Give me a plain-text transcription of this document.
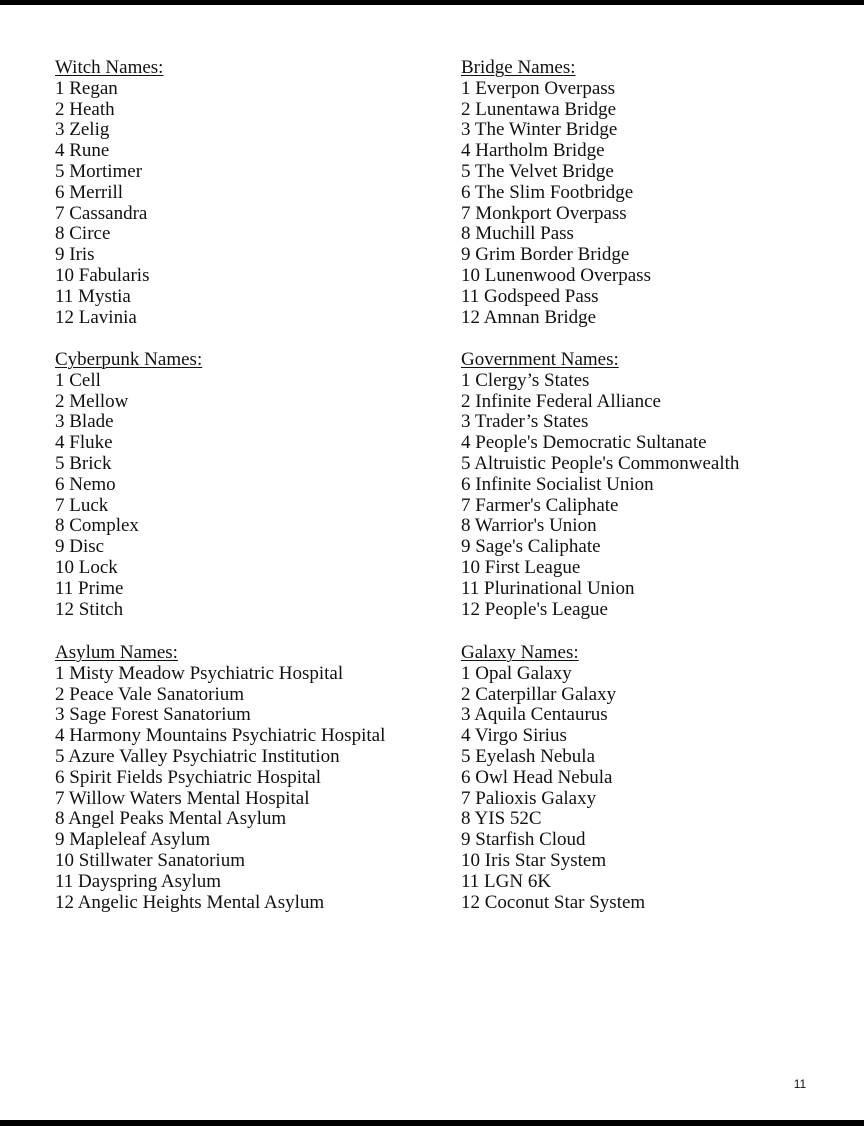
Witch Names:
1 Regan
2 Heath
3 Zelig
4 Rune
5 Mortimer
6 Merrill
7 Cassandra
8 Circe
9 Iris
10 Fabularis
11 Mystia
12 Lavinia
Bridge Names:
1 Everpon Overpass
2 Lunentawa Bridge
3 The Winter Bridge
4 Hartholm Bridge
5 The Velvet Bridge
6 The Slim Footbridge
7 Monkport Overpass
8 Muchill Pass
9 Grim Border Bridge
10 Lunenwood Overpass
11 Godspeed Pass
12 Amnan Bridge
Cyberpunk Names:
1 Cell
2 Mellow
3 Blade
4 Fluke
5 Brick
6 Nemo
7 Luck
8 Complex
9 Disc
10 Lock
11 Prime
12 Stitch
Government Names:
1 Clergy’s States
2 Infinite Federal Alliance
3 Trader’s States
4 People's Democratic Sultanate
5 Altruistic People's Commonwealth
6 Infinite Socialist Union
7 Farmer's Caliphate
8 Warrior's Union
9 Sage's Caliphate
10 First League
11 Plurinational Union
12 People's League
Asylum Names:
1 Misty Meadow Psychiatric Hospital
2 Peace Vale Sanatorium
3 Sage Forest Sanatorium
4 Harmony Mountains Psychiatric Hospital
5 Azure Valley Psychiatric Institution
6 Spirit Fields Psychiatric Hospital
7 Willow Waters Mental Hospital
8 Angel Peaks Mental Asylum
9 Mapleleaf Asylum
10 Stillwater Sanatorium
11 Dayspring Asylum
12 Angelic Heights Mental Asylum
Galaxy Names:
1 Opal Galaxy
2 Caterpillar Galaxy
3 Aquila Centaurus
4 Virgo Sirius
5 Eyelash Nebula
6 Owl Head Nebula
7 Palioxis Galaxy
8 YIS 52C
9 Starfish Cloud
10 Iris Star System
11 LGN 6K
12 Coconut Star System
11
